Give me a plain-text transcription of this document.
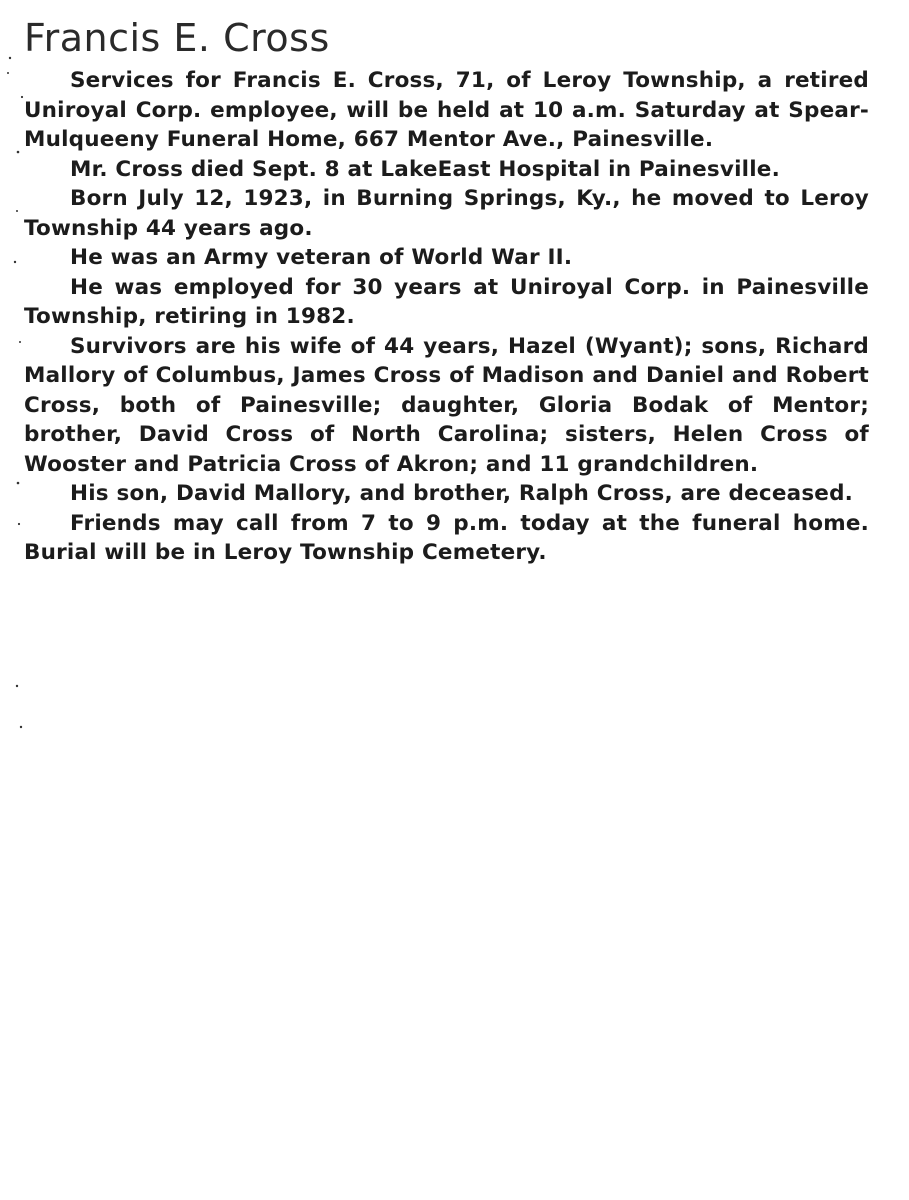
Francis E. Cross

Services for Francis E. Cross, 71, of Leroy Township, a retired Uniroyal Corp. employee, will be held at 10 a.m. Saturday at Spear-Mulqueeny Funeral Home, 667 Mentor Ave., Painesville.

Mr. Cross died Sept. 8 at LakeEast Hospital in Painesville.

Born July 12, 1923, in Burning Springs, Ky., he moved to Leroy Township 44 years ago.

He was an Army veteran of World War II.

He was employed for 30 years at Uniroyal Corp. in Painesville Township, retiring in 1982.

Survivors are his wife of 44 years, Hazel (Wyant); sons, Richard Mallory of Columbus, James Cross of Madison and Daniel and Robert Cross, both of Painesville; daughter, Gloria Bodak of Mentor; brother, David Cross of North Carolina; sisters, Helen Cross of Wooster and Patricia Cross of Akron; and 11 grandchildren.

His son, David Mallory, and brother, Ralph Cross, are deceased.

Friends may call from 7 to 9 p.m. today at the funeral home. Burial will be in Leroy Township Cemetery.
